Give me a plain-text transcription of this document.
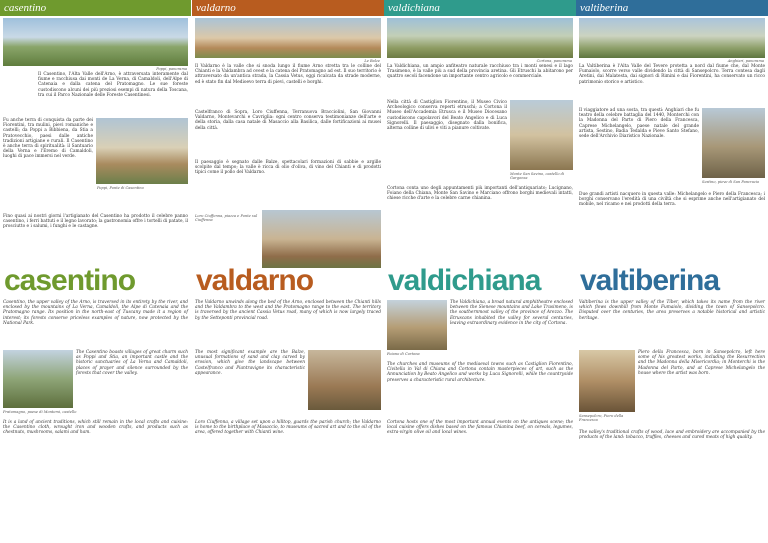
casentino
Poppi, panorama
Il Casentino, l'Alta Valle dell'Arno, è attraversata interamente dal fiume e racchiusa dai monti de La Verna, di Camaldoli, dell'Alpe di Catenaia e dalla catena del Pratomagno. Le sue foreste custodiscono alcuni dei più preziosi esempi di natura della Toscana, tra cui il Parco Nazionale delle Foreste Casentinesi.
Fu anche terra di conquista da parte dei Fiorentini, tra mulini, pievi romaniche e castelli; da Poppi a Bibbiena, da Stia a Pratovecchio, paesi dalle antiche tradizioni artigiane e rurali. Il Casentino è anche terra di spiritualità: il Santuario della Verna e l'Eremo di Camaldoli, luoghi di pace immersi nel verde.
Poppi, Ponte di Casentino
Fino quasi ai nostri giorni l'artigianato del Casentino ha prodotto il celebre panno casentino, i ferri battuti e il legno lavorato; la gastronomia offre i tortelli di patate, il prosciutto e i salumi, i funghi e le castagne.
casentino
Casentino, the upper valley of the Arno, is traversed in its entirety by the river, and enclosed by the mountains of La Verna, Camaldoli, the Alpe di Catenaia and the Pratomagno range. Its position in the north-east of Tuscany made it a region of interest; its forests conserve priceless examples of nature, now protected by the National Park.
Pratomagno, paese di Montemi, castello
The Casentino boasts villages of great charm such as Poppi and Stia, an important castle and the historic sanctuaries of La Verna and Camaldoli, places of prayer and silence surrounded by the forests that cover the valley.
It is a land of ancient traditions, which still remain in the local crafts and cuisine: the Casentino cloth, wrought iron and wooden crafts, and products such as chestnuts, mushrooms, salami and ham.
valdarno
Le Balze
Il Valdarno è la valle che si snoda lungo il fiume Arno stretta tra le colline del Chianti e la Valdambra ad ovest e la catena del Pratomagno ad est. Il suo territorio è attraversato da un'antica strada, la Cassia Vetus, oggi ricalcata da strade moderne, ed è stato fin dal Medioevo terra di pievi, castelli e borghi.
Castelfranco di Sopra, Loro Ciuffenna, Terranuova Bracciolini, San Giovanni Valdarno, Montevarchi e Cavriglia: ogni centro conserva testimonianze dell'arte e della storia, dalla casa natale di Masaccio alla Basilica, dalle fortificazioni ai musei della città.
Il paesaggio è segnato dalle Balze, spettacolari formazioni di sabbie e argille scolpite dal tempo; la valle è ricca di olio d'oliva, di vino del Chianti e di prodotti tipici come il pollo del Valdarno.
Loro Ciuffenna, piazza e Ponte sul Ciuffenna
valdarno
The Valdarno unwinds along the bed of the Arno, enclosed between the Chianti hills and the Valdambra to the west and the Pratomagno range to the east. The territory is traversed by the ancient Cassia Vetus road, many of which is now largely traced by the Setteponti provincial road.
The most significant example are the Balze, unusual formations of sand and clay carved by erosion, which give the landscape between Castelfranco and Piantravigne its characteristic appearance.
Loro Ciuffenna, a village set upon a hilltop, guards the parish church; the Valdarno is home to the birthplace of Masaccio, to museums of sacred art and to the oil of the area, offered together with Chianti wine.
valdichiana
Cortona, panorama
La Valdichiana, un ampio anfiteatro naturale racchiuso tra i monti senesi e il lago Trasimeno, è la valle più a sud della provincia aretina. Gli Etruschi la abitarono per quattro secoli facendone un importante centro agricolo e commerciale.
Nella città di Castiglion Fiorentino, il Museo Civico Archeologico conserva reperti etruschi; a Cortona il Museo dell'Accademia Etrusca e il Museo Diocesano custodiscono capolavori del Beato Angelico e di Luca Signorelli. Il paesaggio, disegnato dalla bonifica, alterna colline di ulivi e viti a pianure coltivate.
Monte San Savino, castello di Gargonza
Cortona conta uno degli appuntamenti più importanti dell'antiquariato; Lucignano, Foiano della Chiana, Monte San Savino e Marciano offrono borghi medievali intatti, chiese ricche d'arte e la celebre carne chianina.
valdichiana
Foiano di Cortona
The Valdichiana, a broad natural amphitheatre enclosed between the Sienese mountains and Lake Trasimeno, is the southernmost valley of the province of Arezzo. The Etruscans inhabited the valley for several centuries, leaving extraordinary evidence in the city of Cortona.
The churches and museums of the mediaeval towns such as Castiglion Fiorentino, Civitella in Val di Chiana and Cortona contain masterpieces of art, such as the Annunciation by Beato Angelico and works by Luca Signorelli, while the countryside preserves a characteristic rural architecture.
Cortona hosts one of the most important annual events on the antiques scene; the local cuisine offers dishes based on the famous Chianina beef, on cereals, legumes, extra-virgin olive oil and local wines.
valtiberina
Anghiari, panorama
La Valtiberina è l'Alta Valle del Tevere protetta a nord dal fiume che, dal Monte Fumaiolo, scorre verso valle dividendo la città di Sansepolcro. Terra contesa dagli Aretini, dai Malatesta, dai signori di Rimini e dai Fiorentini, ha conservato un ricco patrimonio storico e artistico.
Il viaggiatore ad una sosta, tra questi: Anghiari che fu teatro della celebre battaglia del 1440, Monterchi con la Madonna del Parto di Piero della Francesca, Caprese Michelangelo, paese natale del grande artista, Sestino, Badia Tedalda e Pieve Santo Stefano, sede dell'Archivio Diaristico Nazionale.
Sestino, pieve di San Pancrazio
Due grandi artisti nacquero in questa valle: Michelangelo e Piero della Francesca; i borghi conservano l'eredità di una civiltà che si esprime anche nell'artigianato del mobile, nel ricamo e nei prodotti della terra.
valtiberina
Valtiberina is the upper valley of the Tiber, which takes its name from the river which flows downhill from Monte Fumaiolo, dividing the town of Sansepolcro. Disputed over the centuries, the area preserves a notable historical and artistic heritage.
Sansepolcro, Piero della Francesca
Piero della Francesca, born in Sansepolcro, left here some of his greatest works, including the Resurrection and the Madonna della Misericordia; in Monterchi is the Madonna del Parto, and at Caprese Michelangelo the house where the artist was born.
The valley's traditional crafts of wood, lace and embroidery are accompanied by the products of the land: tobacco, truffles, cheeses and cured meats of high quality.
